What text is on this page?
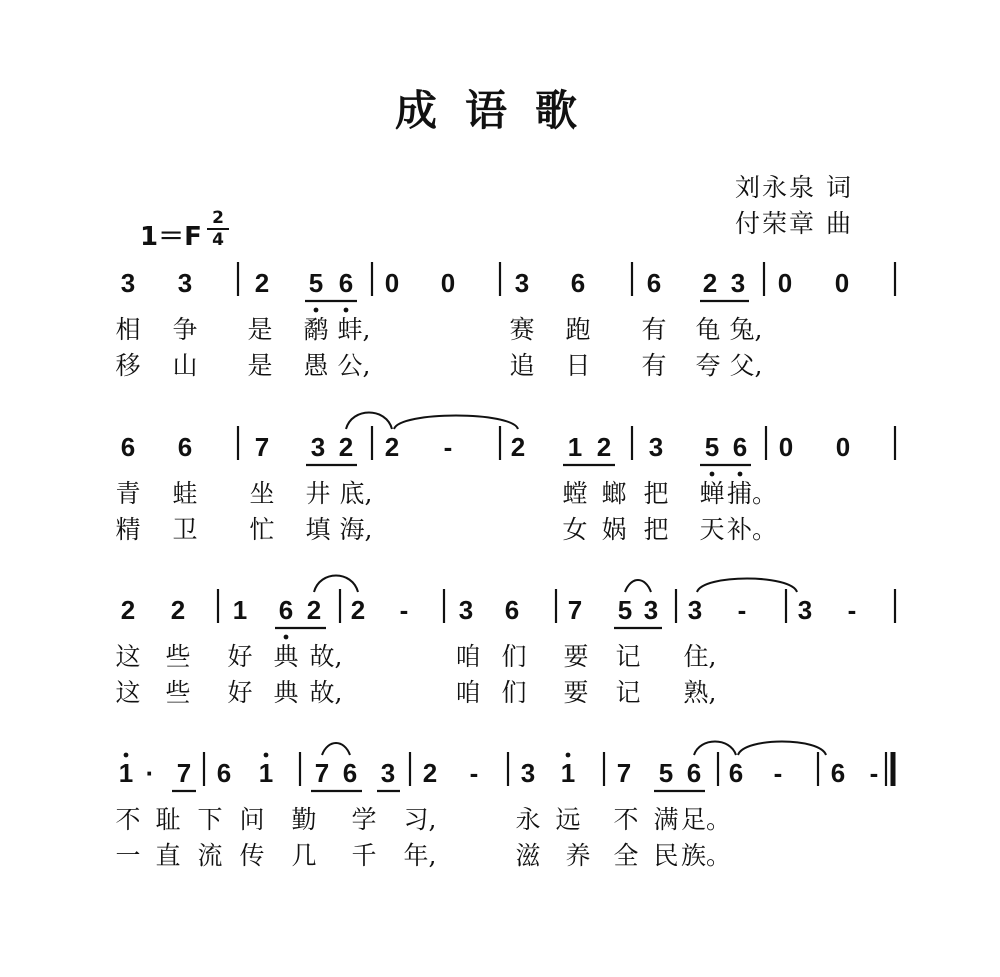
成语歌
刘永泉 词
付荣章 曲
1＝F
2
4
3 3 2 5 6 0 0 3 6 6 2 3 0 0
相 争 是 鹬 蚌,	赛 跑 有 龟 兔,
移 山 是 愚 公,	追 日 有 夸 父,
6 6 7 3 2 2 - 2 1 2 3 5 6 0 0
青 蛙 坐 井 底,	螳 螂 把 蝉 捕。
精 卫 忙 填 海,	女 娲 把 天 补。
2 2 1 6 2 2 - 3 6 7 5 3 3 - 3 -
这 些 好 典 故,	咱 们 要 记 住,
这 些 好 典 故,	咱 们 要 记 熟,
1 · 7 6 1 7 6 3 2 - 3 1 7 5 6 6 - 6 -
不 耻 下 问 勤 学 习,	永 远 不 满 足。
一 直 流 传 几 千 年,	滋 养 全 民 族。
